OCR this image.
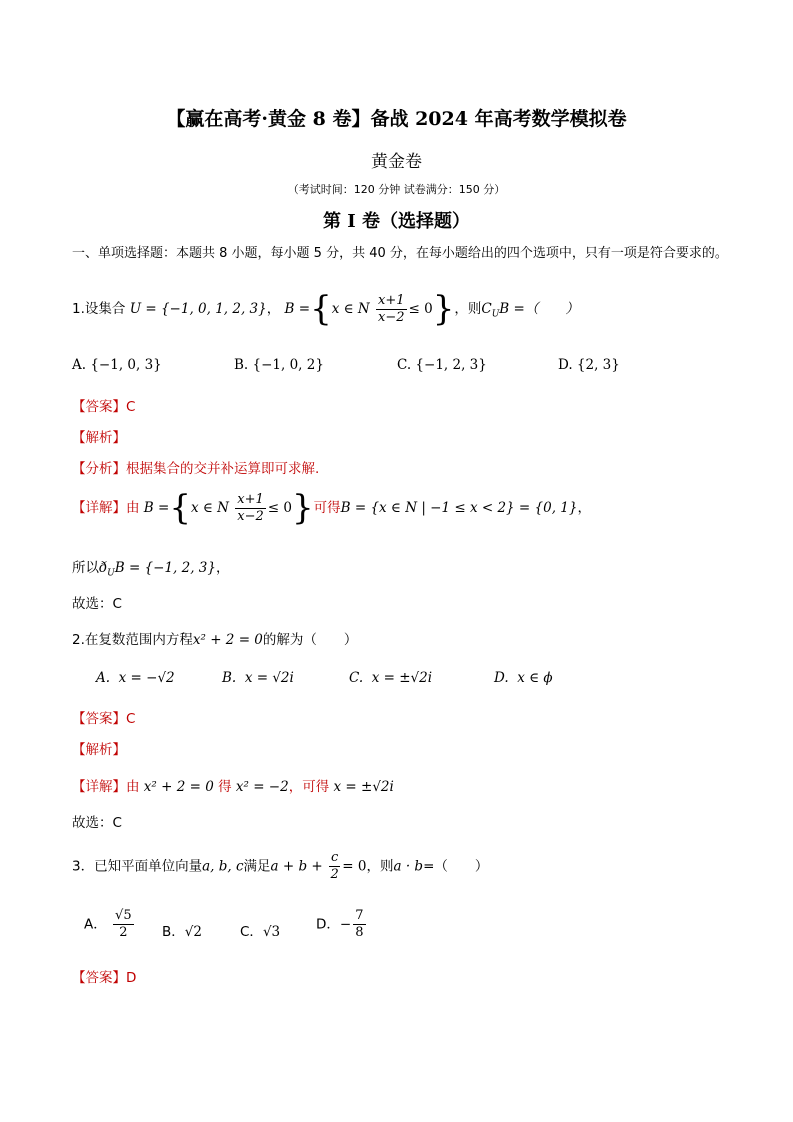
【赢在高考·黄金 8 卷】备战 2024 年高考数学模拟卷
黄金卷
（考试时间：120 分钟 试卷满分：150 分）
第 I 卷（选择题）
一、单项选择题：本题共 8 小题，每小题 5 分，共 40 分，在每小题给出的四个选项中，只有一项是符合要求的。
1.设集合 U = {−1, 0, 1, 2, 3}， B ={x ∈ N $\frac{x+1}{x-2} \le 0$}，则$C_UB$ =（　　）
A. {−1, 0, 3}	B. {−1, 0, 2}	C. {−1, 2, 3}	D. {2, 3}
【答案】C
【解析】
【分析】根据集合的交并补运算即可求解.
【详解】由 B ={x ∈ N $\frac{x+1}{x-2} \le 0$}可得B = {x ∈ N | −1 ≤ x < 2} = {0, 1}，
所以$ð_UB = \{-1$, 2, 3}，
故选：C
2.在复数范围内方程x² + 2 = 0的解为（　　）
A. x = −√2	B. x = √2i	C. x = ±√2i	D. x ∈ ϕ
【答案】C
【解析】
【详解】由 x² + 2 = 0 得 x² = −2，可得 x = ±√2i
故选：C
3．已知平面单位向量a, b, c满足$a + b + \frac{c}{2} = 0$，则a · b=（　　）
A． $\frac{√5}{2}$ B．√2	C．√3	D．− $\frac{7}{8}$
【答案】D
